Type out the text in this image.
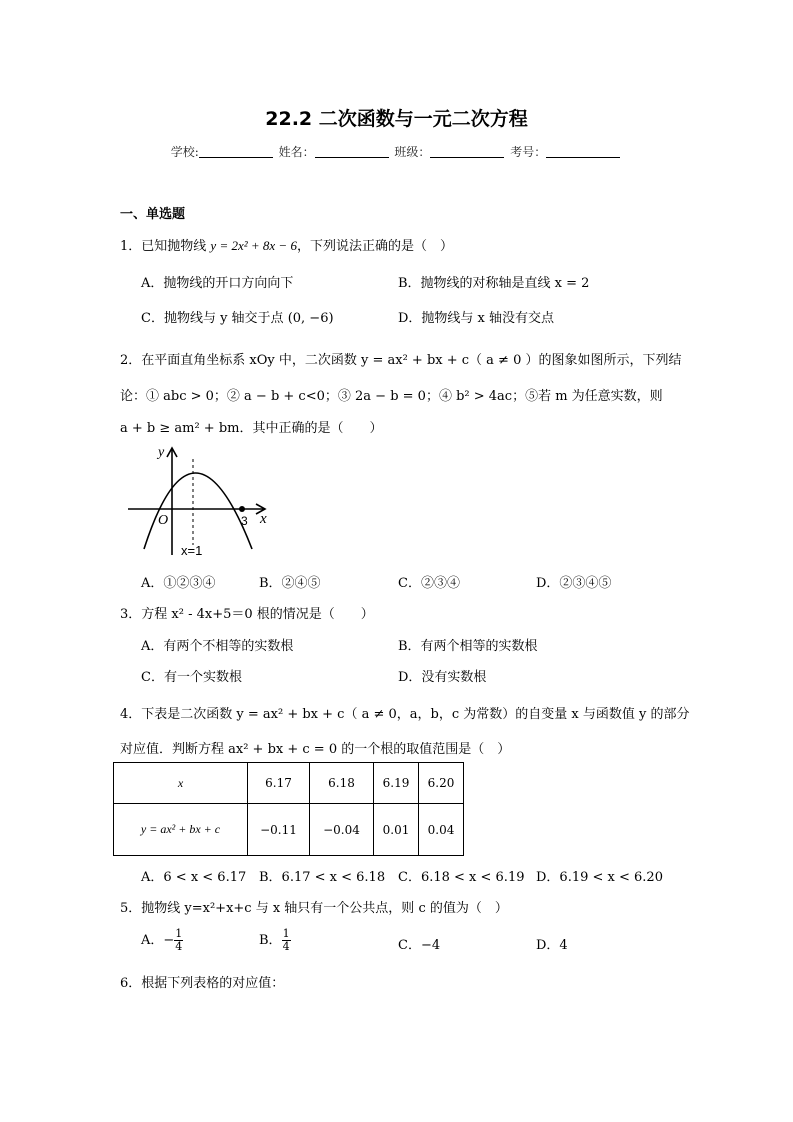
22.2 二次函数与一元二次方程
学校:	姓名：	班级：	考号：
一、单选题
1．已知抛物线 y = 2x² + 8x − 6，下列说法正确的是（　）
A．抛物线的开口方向向下	B．抛物线的对称轴是直线 x = 2
C．抛物线与 y 轴交于点 (0, −6)	D．抛物线与 x 轴没有交点
2．在平面直角坐标系 xOy 中，二次函数 y = ax² + bx + c（ a ≠ 0 ）的图象如图所示，下列结
论：① abc > 0；② a − b + c<0；③ 2a − b = 0；④ b² > 4ac；⑤若 m 为任意实数，则
a + b ≥ am² + bm．其中正确的是（　　）
y
x
O	3
x=1
A．①②③④	B．②④⑤	C．②③④	D．②③④⑤
3．方程 x² - 4x+5＝0 根的情况是（　　）
A．有两个不相等的实数根	B．有两个相等的实数根
C．有一个实数根	D．没有实数根
4．下表是二次函数 y = ax² + bx + c（ a ≠ 0，a，b，c 为常数）的自变量 x 与函数值 y 的部分
对应值．判断方程 ax² + bx + c = 0 的一个根的取值范围是（　）
x	6.17	6.18	6.19	6.20
y = ax² + bx + c	−0.11	−0.04	0.01	0.04
A．6 < x < 6.17 B．6.17 < x < 6.18 C．6.18 < x < 6.19 D．6.19 < x < 6.20
5．抛物线 y=x²+x+c 与 x 轴只有一个公共点，则 c 的值为（　）
A．− $\frac{1}{4}$	B． $\frac{1}{4}$	C．−4	D．4
6．根据下列表格的对应值：
